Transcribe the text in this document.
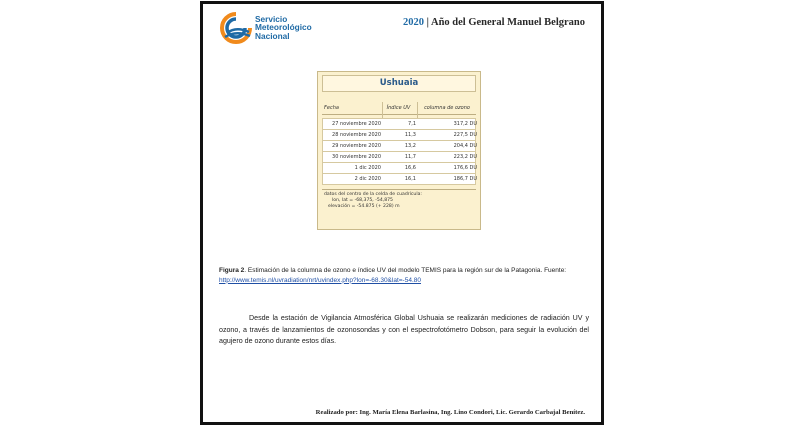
Servicio
Meteorológico
Nacional
2020 | Año del General Manuel Belgrano
Ushuaia
Fecha	Índice UV	columna de ozono
27 noviembre 2020	7,1	317,2 DU
28 noviembre 2020	11,3	227,5 DU
29 noviembre 2020	13,2	204,4 DU
30 noviembre 2020	11,7	223,2 DU
1 dic 2020	16,6	176,6 DU
2 dic 2020	16,1	186,7 DU
datos del centro de la celda de cuadrícula:
lon, lat = -68,375, -54,875
elevación = -54.875 (+ 228) m
Figura 2. Estimación de la columna de ozono e índice UV del modelo TEMIS para la región sur de la Patagonia. Fuente:
http://www.temis.nl/uvradiation/nrt/uvindex.php?lon=-68.30&lat=-54.80
Desde la estación de Vigilancia Atmosférica Global Ushuaia se realizarán mediciones de radiación UV y ozono, a través de lanzamientos de ozonosondas y con el espectrofotómetro Dobson, para seguir la evolución del agujero de ozono durante estos días.
Realizado por: Ing. María Elena Barlasina, Ing. Lino Condori, Lic. Gerardo Carbajal Benítez.
